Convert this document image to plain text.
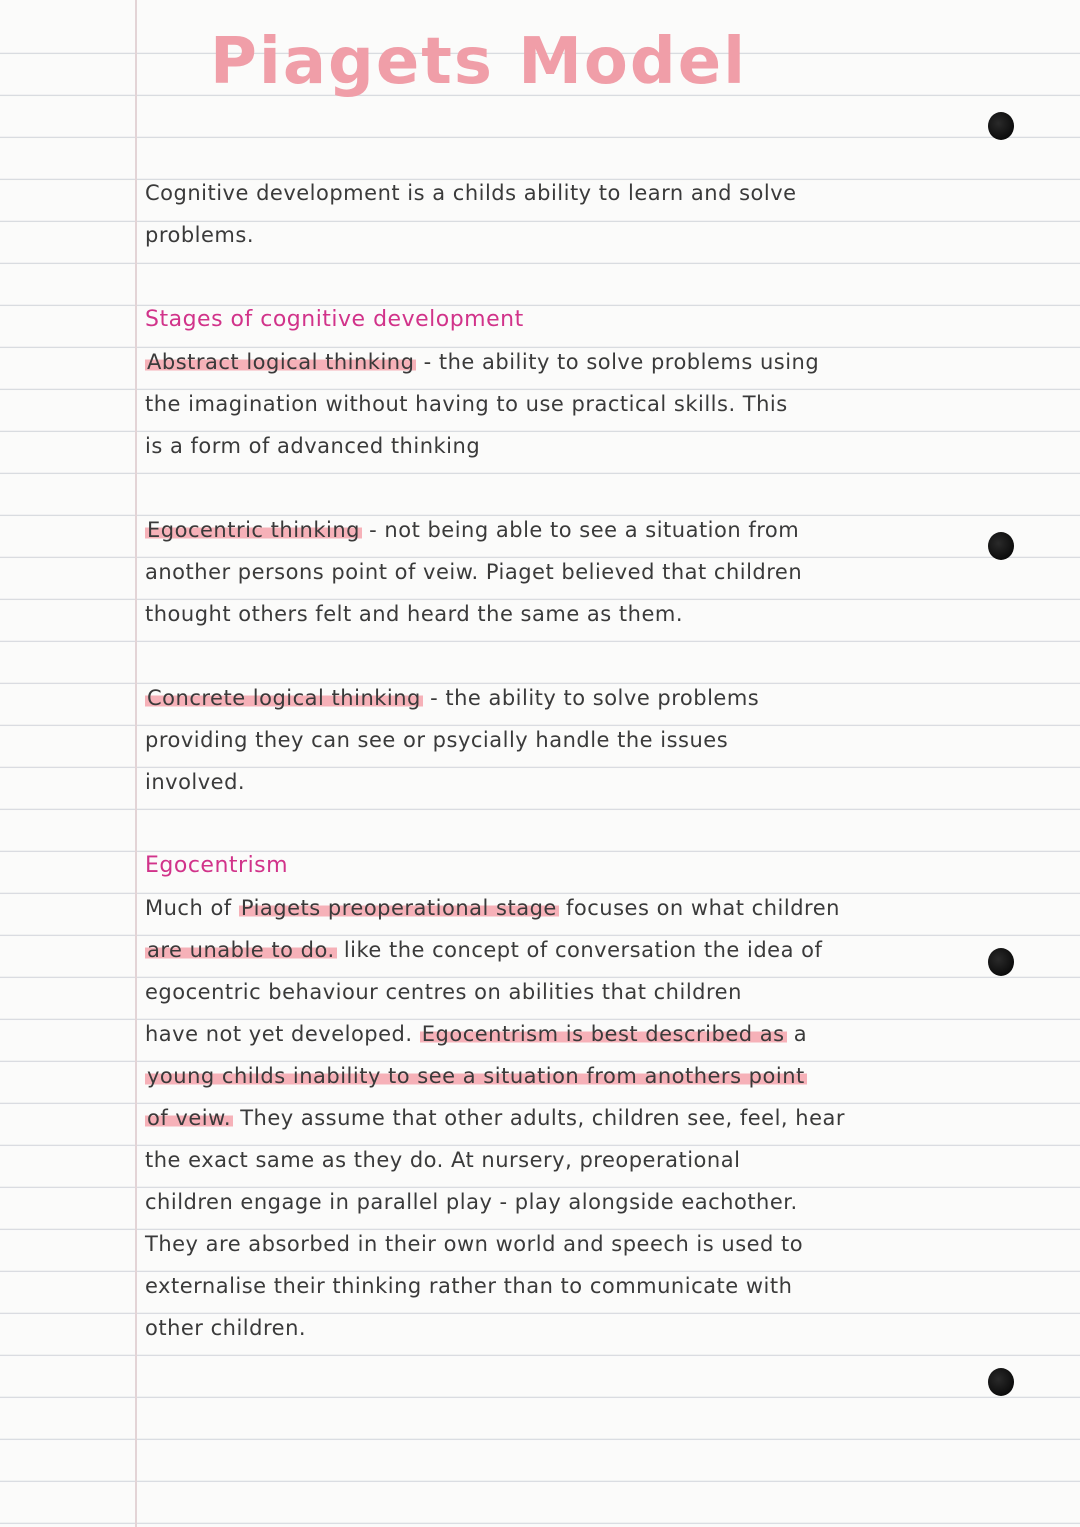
Piagets Model
Cognitive development is a childs ability to learn and solve
problems.
Stages of cognitive development
Abstract logical thinking - the ability to solve problems using
the imagination without having to use practical skills. This
is a form of advanced thinking
Egocentric thinking - not being able to see a situation from
another persons point of veiw. Piaget believed that children
thought others felt and heard the same as them.
Concrete logical thinking - the ability to solve problems
providing they can see or psycially handle the issues
involved.
Egocentrism
Much of Piagets preoperational stage focuses on what children
are unable to do. like the concept of conversation the idea of
egocentric behaviour centres on abilities that children
have not yet developed. Egocentrism is best described as a
young childs inability to see a situation from anothers point
of veiw. They assume that other adults, children see, feel, hear
the exact same as they do. At nursery, preoperational
children engage in parallel play - play alongside eachother.
They are absorbed in their own world and speech is used to
externalise their thinking rather than to communicate with
other children.
